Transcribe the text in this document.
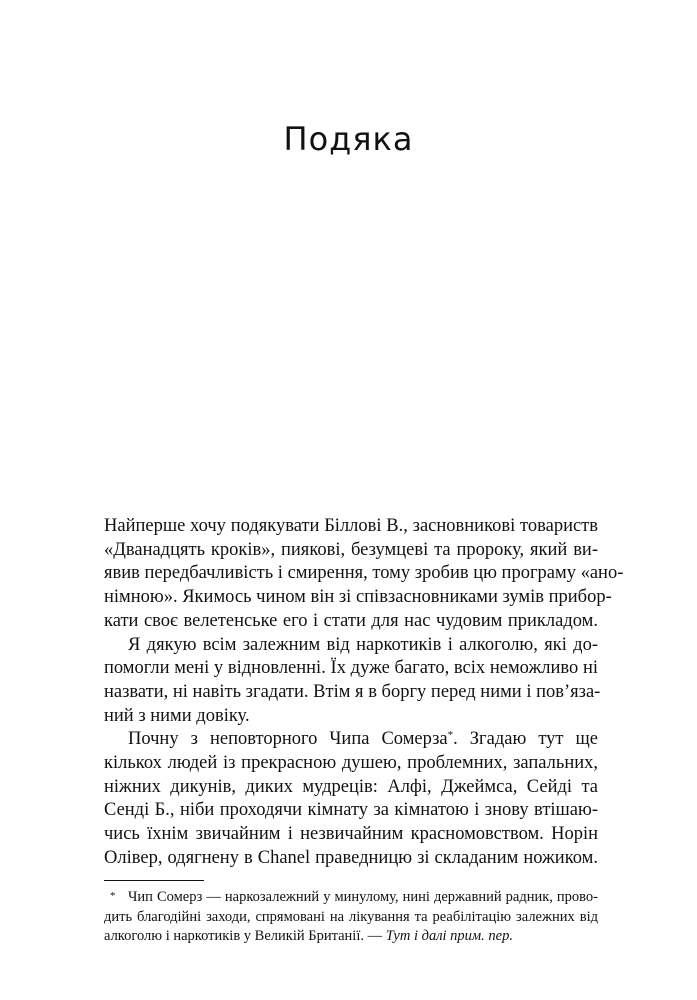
Подяка
Найперше хочу подякувати Біллові В., засновникові товариств
«Дванадцять кроків», пиякові, безумцеві та пророку, який ви-
явив передбачливість і смирення, тому зробив цю програму «ано-
німною». Якимось чином він зі співзасновниками зумів прибор-
кати своє велетенське его і стати для нас чудовим прикладом.
Я дякую всім залежним від наркотиків і алкоголю, які до-
помогли мені у відновленні. Їх дуже багато, всіх неможливо ні
назвати, ні навіть згадати. Втім я в боргу перед ними і пов’яза-
ний з ними довіку.
Почну з неповторного Чипа Сомерза*. Згадаю тут ще
кількох людей із прекрасною душею, проблемних, запальних,
ніжних дикунів, диких мудреців: Алфі, Джеймса, Сейді та
Сенді Б., ніби проходячи кімнату за кімнатою і знову втішаю-
чись їхнім звичайним і незвичайним красномовством. Норін
Олівер, одягнену в Chanel праведницю зі складаним ножиком.
* Чип Сомерз — наркозалежний у минулому, нині державний радник, прово-
дить благодійні заходи, спрямовані на лікування та реабілітацію залежних від
алкоголю і наркотиків у Великій Британії. — Тут і далі прим. пер.
